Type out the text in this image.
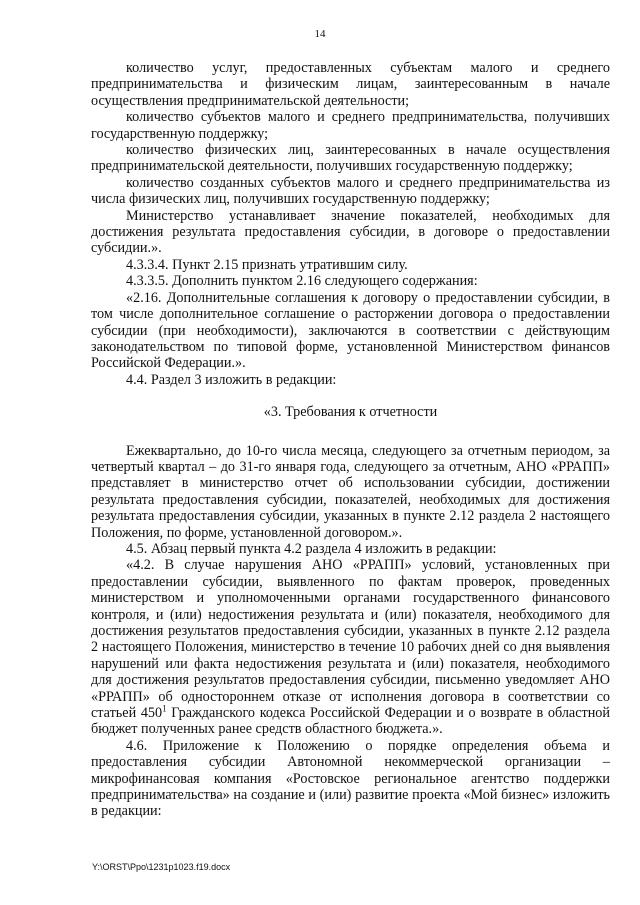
14

количество услуг, предоставленных субъектам малого и среднего предпринимательства и физическим лицам, заинтересованным в начале осуществления предпринимательской деятельности;

количество субъектов малого и среднего предпринимательства, получивших государственную поддержку;

количество физических лиц, заинтересованных в начале осуществления предпринимательской деятельности, получивших государственную поддержку;

количество созданных субъектов малого и среднего предпринимательства из числа физических лиц, получивших государственную поддержку;

Министерство устанавливает значение показателей, необходимых для достижения результата предоставления субсидии, в договоре о предоставлении субсидии.».

4.3.3.4. Пункт 2.15 признать утратившим силу.

4.3.3.5. Дополнить пунктом 2.16 следующего содержания:

«2.16. Дополнительные соглашения к договору о предоставлении субсидии, в том числе дополнительное соглашение о расторжении договора о предоставлении субсидии (при необходимости), заключаются в соответствии с действующим законодательством по типовой форме, установленной Министерством финансов Российской Федерации.».

4.4. Раздел 3 изложить в редакции:

«3. Требования к отчетности

Ежеквартально, до 10-го числа месяца, следующего за отчетным периодом, за четвертый квартал – до 31-го января года, следующего за отчетным, АНО «РРАПП» представляет в министерство отчет об использовании субсидии, достижении результата предоставления субсидии, показателей, необходимых для достижения результата предоставления субсидии, указанных в пункте 2.12 раздела 2 настоящего Положения, по форме, установленной договором.».

4.5. Абзац первый пункта 4.2 раздела 4 изложить в редакции:

«4.2. В случае нарушения АНО «РРАПП» условий, установленных при предоставлении субсидии, выявленного по фактам проверок, проведенных министерством и уполномоченными органами государственного финансового контроля, и (или) недостижения результата и (или) показателя, необходимого для достижения результатов предоставления субсидии, указанных в пункте 2.12 раздела 2 настоящего Положения, министерство в течение 10 рабочих дней со дня выявления нарушений или факта недостижения результата и (или) показателя, необходимого для достижения результатов предоставления субсидии, письменно уведомляет АНО «РРАПП» об одностороннем отказе от исполнения договора в соответствии со статьей $450^1$ Гражданского кодекса Российской Федерации и о возврате в областной бюджет полученных ранее средств областного бюджета.».

4.6. Приложение к Положению о порядке определения объема и предоставления субсидии Автономной некоммерческой организации – микрофинансовая компания «Ростовское региональное агентство поддержки предпринимательства» на создание и (или) развитие проекта «Мой бизнес» изложить в редакции:

Y:\ORST\Ppo\1231p1023.f19.docx
